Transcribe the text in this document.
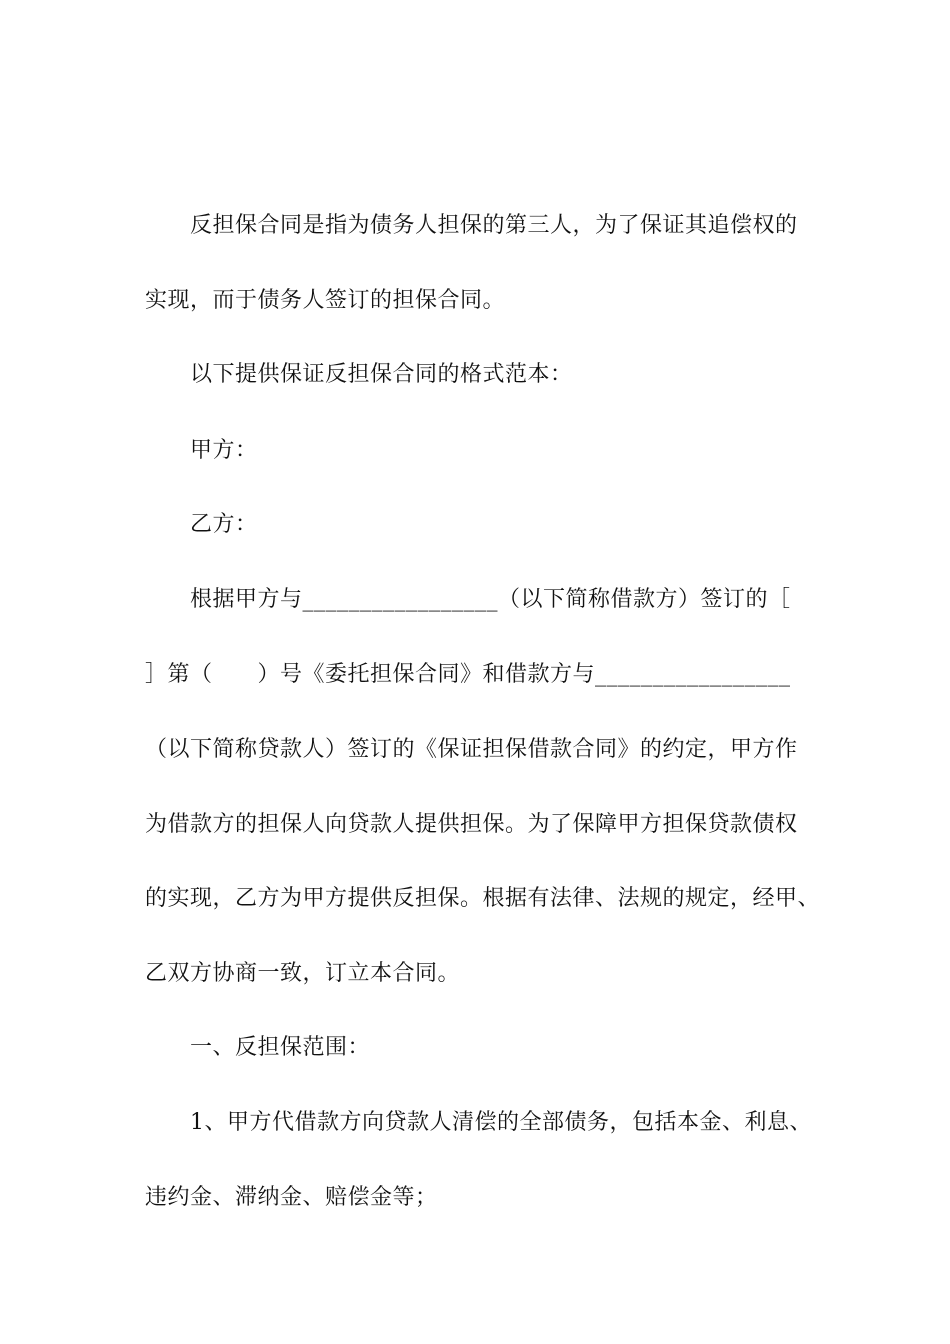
反担保合同是指为债务人担保的第三人，为了保证其追偿权的
实现，而于债务人签订的担保合同。
以下提供保证反担保合同的格式范本：
甲方：
乙方：
根据甲方与_________________（以下简称借款方）签订的［
］第（　　）号《委托担保合同》和借款方与_________________
（以下简称贷款人）签订的《保证担保借款合同》的约定，甲方作
为借款方的担保人向贷款人提供担保。为了保障甲方担保贷款债权
的实现，乙方为甲方提供反担保。根据有法律、法规的规定，经甲、
乙双方协商一致，订立本合同。
一、反担保范围：
1、甲方代借款方向贷款人清偿的全部债务，包括本金、利息、
违约金、滞纳金、赔偿金等；
